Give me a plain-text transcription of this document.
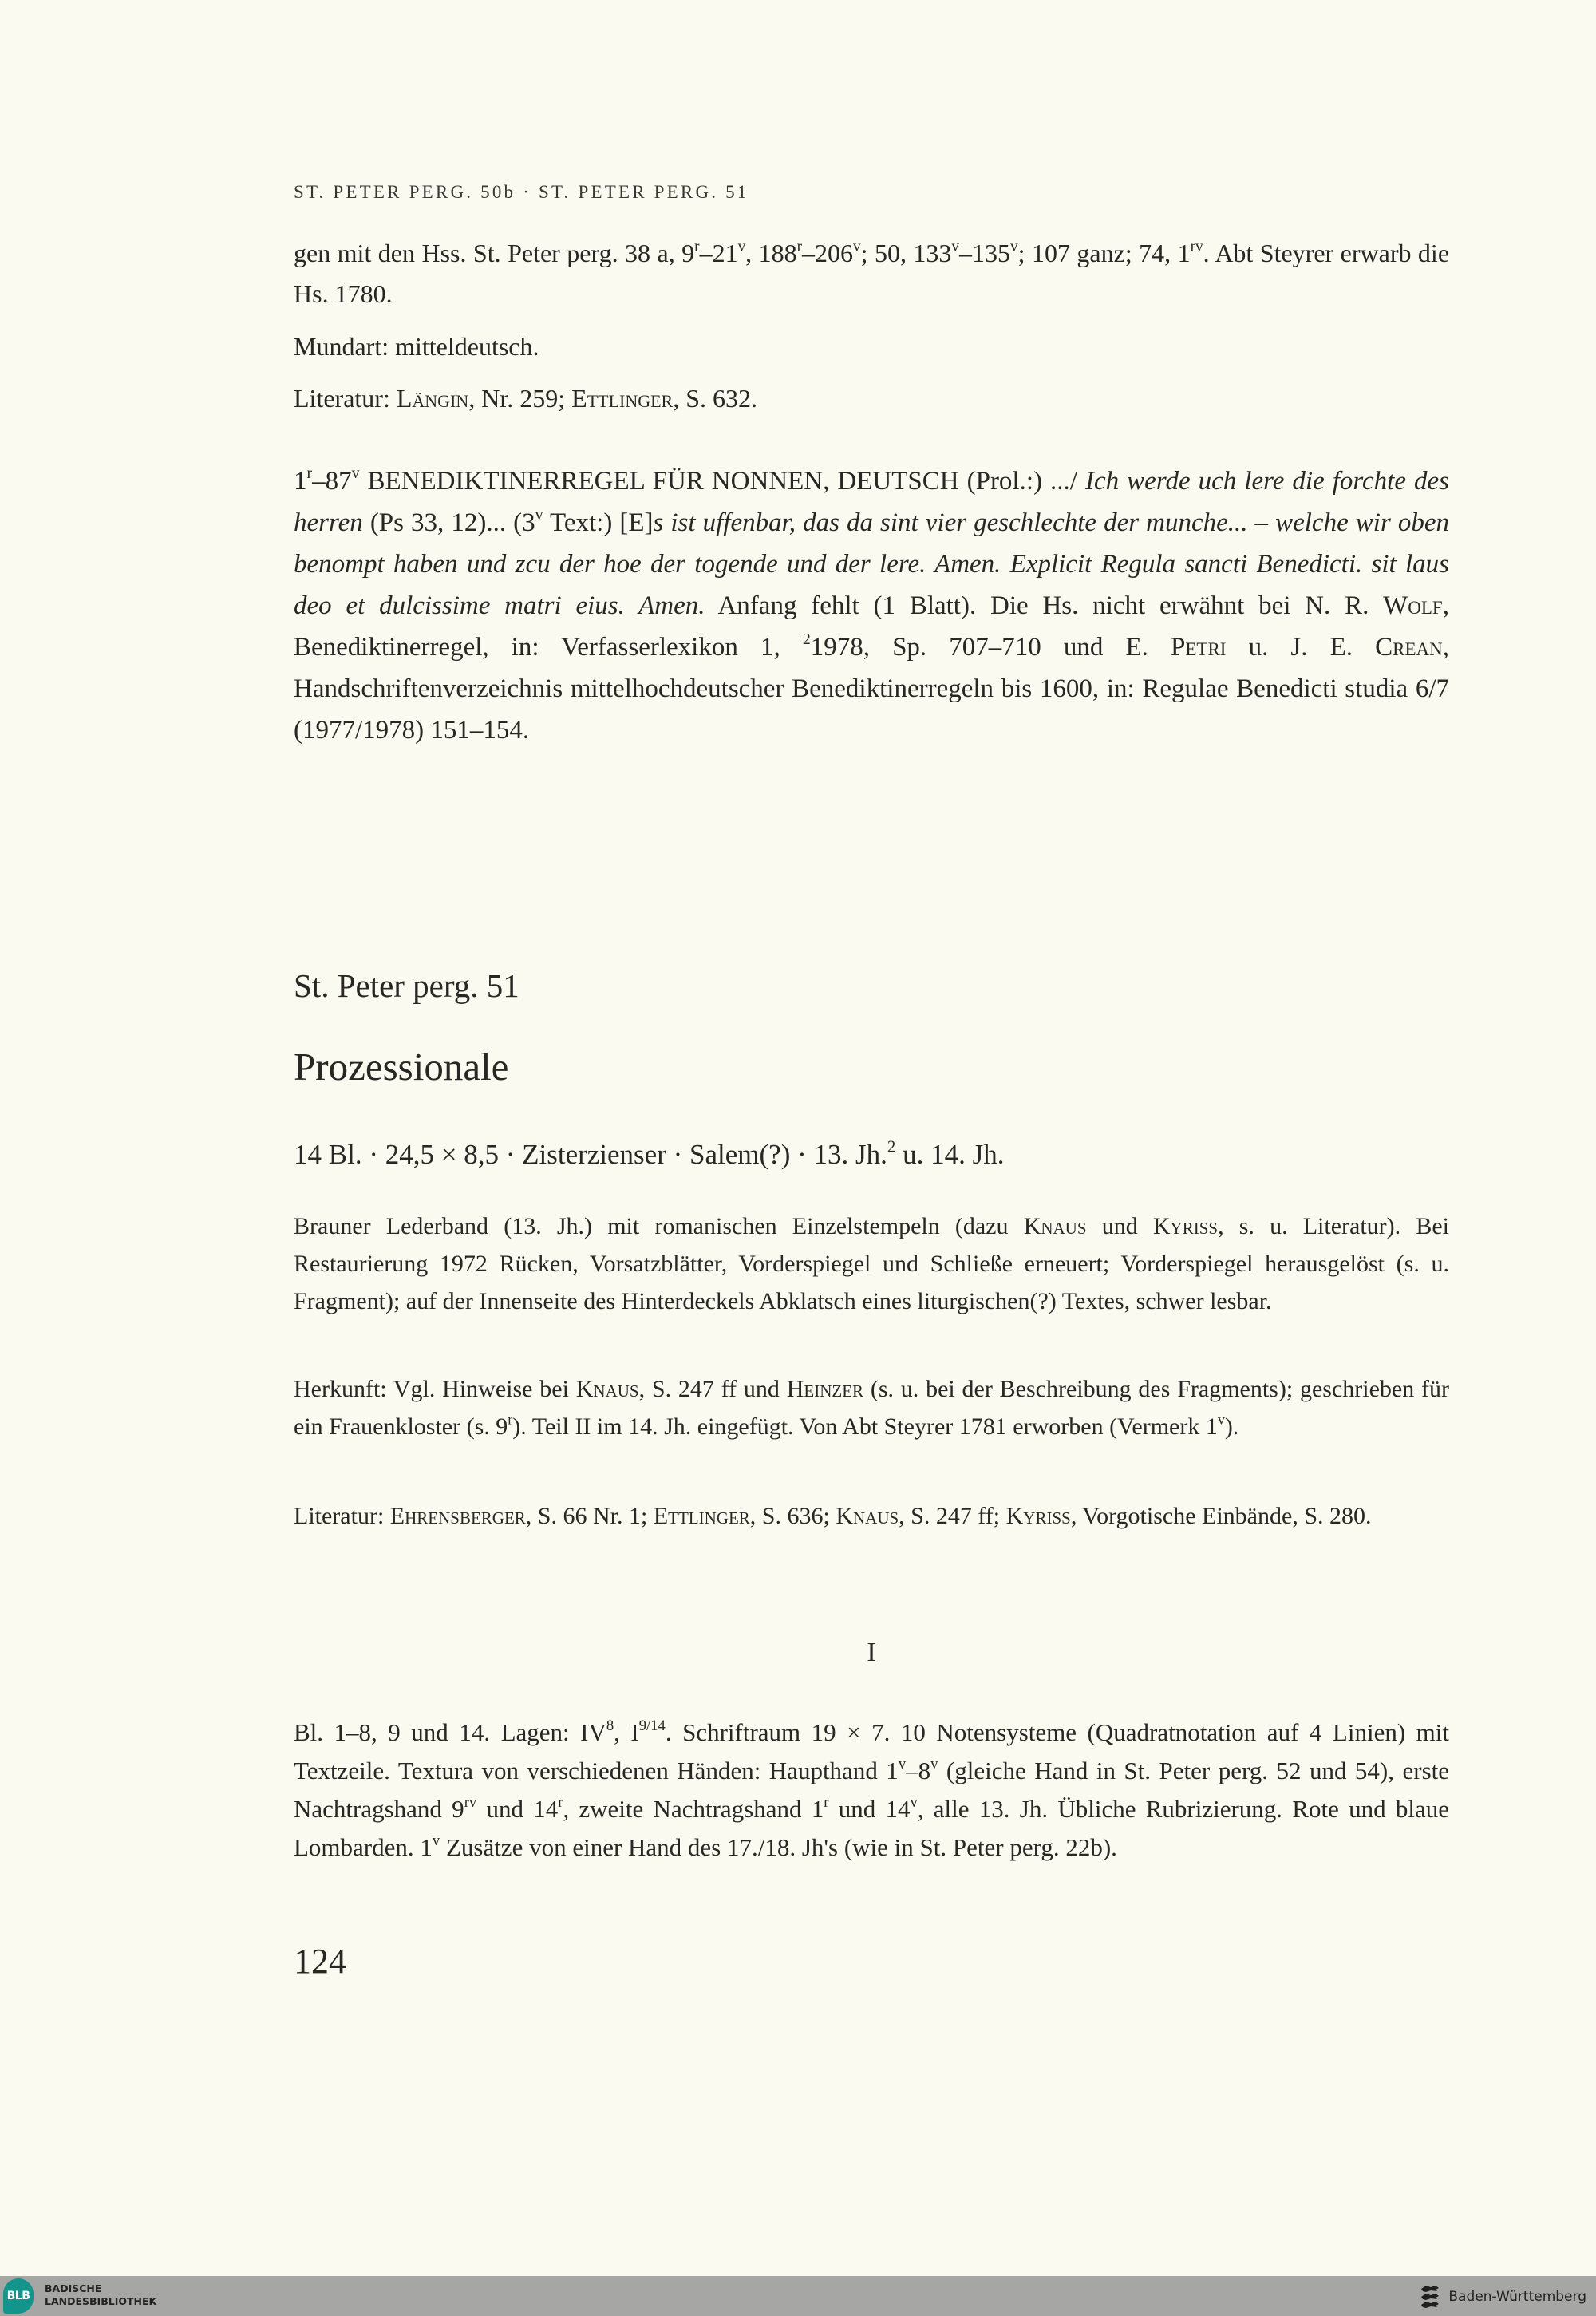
ST. PETER PERG. 50b · ST. PETER PERG. 51

gen mit den Hss. St. Peter perg. 38 a, 9$^r$–21$^v$, 188$^r$–206$^v$; 50, 133$^v$–135$^v$; 107 ganz; 74, $1^{rv}$. Abt Steyrer erwarb die Hs. 1780.

Mundart: mitteldeutsch.

Literatur: Längin, Nr. 259; Ettlinger, S. 632.

1$^r$–87$^v$ BENEDIKTINERREGEL FÜR NONNEN, DEUTSCH (Prol.:) .../ Ich werde uch lere die forchte des herren (Ps 33, 12)... (3$^v$ Text:) [E]s ist uffenbar, das da sint vier geschlechte der munche... – welche wir oben benompt haben und zcu der hoe der togende und der lere. Amen. Explicit Regula sancti Benedicti. sit laus deo et dulcissime matri eius. Amen. Anfang fehlt (1 Blatt). Die Hs. nicht erwähnt bei N. R. Wolf, Benediktinerregel, in: Verfasserlexikon 1, $^2$1978, Sp. 707–710 und E. Petri u. J. E. Crean, Handschriftenverzeichnis mittelhochdeutscher Benediktinerregeln bis 1600, in: Regulae Benedicti studia 6/7 (1977/1978) 151–154.

St. Peter perg. 51
Prozessionale
14 Bl. · 24,5 × 8,5 · Zisterzienser · Salem(?) · 13. Jh.$^2$ u. 14. Jh.

Brauner Lederband (13. Jh.) mit romanischen Einzelstempeln (dazu Knaus und Kyriss, s. u. Literatur). Bei Restaurierung 1972 Rücken, Vorsatzblätter, Vorderspiegel und Schließe erneuert; Vorderspiegel herausgelöst (s. u. Fragment); auf der Innenseite des Hinterdeckels Abklatsch eines liturgischen(?) Textes, schwer lesbar.

Herkunft: Vgl. Hinweise bei Knaus, S. 247 ff und Heinzer (s. u. bei der Beschreibung des Fragments); geschrieben für ein Frauenkloster (s. 9$^r$). Teil II im 14. Jh. eingefügt. Von Abt Steyrer 1781 erworben (Vermerk 1$^v$).

Literatur: Ehrensberger, S. 66 Nr. 1; Ettlinger, S. 636; Knaus, S. 247 ff; Kyriss, Vorgotische Einbände, S. 280.

I

Bl. 1–8, 9 und 14. Lagen: $IV^8$, $I^{9/14}$. Schriftraum 19 × 7. 10 Notensysteme (Quadratnotation auf 4 Linien) mit Textzeile. Textura von verschiedenen Händen: Haupthand 1$^v$–8$^v$ (gleiche Hand in St. Peter perg. 52 und 54), erste Nachtragshand $9^{rv}$ und 14$^r$, zweite Nachtragshand 1$^r$ und 14$^v$, alle 13. Jh. Übliche Rubrizierung. Rote und blaue Lombarden. 1$^v$ Zusätze von einer Hand des 17./18. Jh's (wie in St. Peter perg. 22b).

124
BLB
BADISCHE
LANDESBIBLIOTHEK	Baden-Württemberg
